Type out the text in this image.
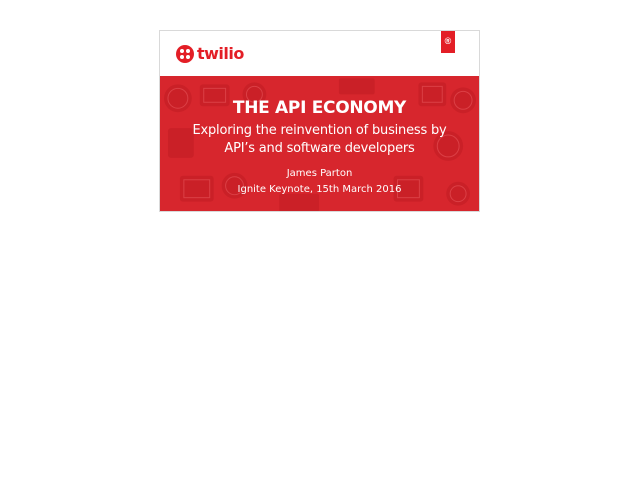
twilio
®
THE API ECONOMY
Exploring the reinvention of business by
API’s and software developers
James Parton
Ignite Keynote, 15th March 2016
